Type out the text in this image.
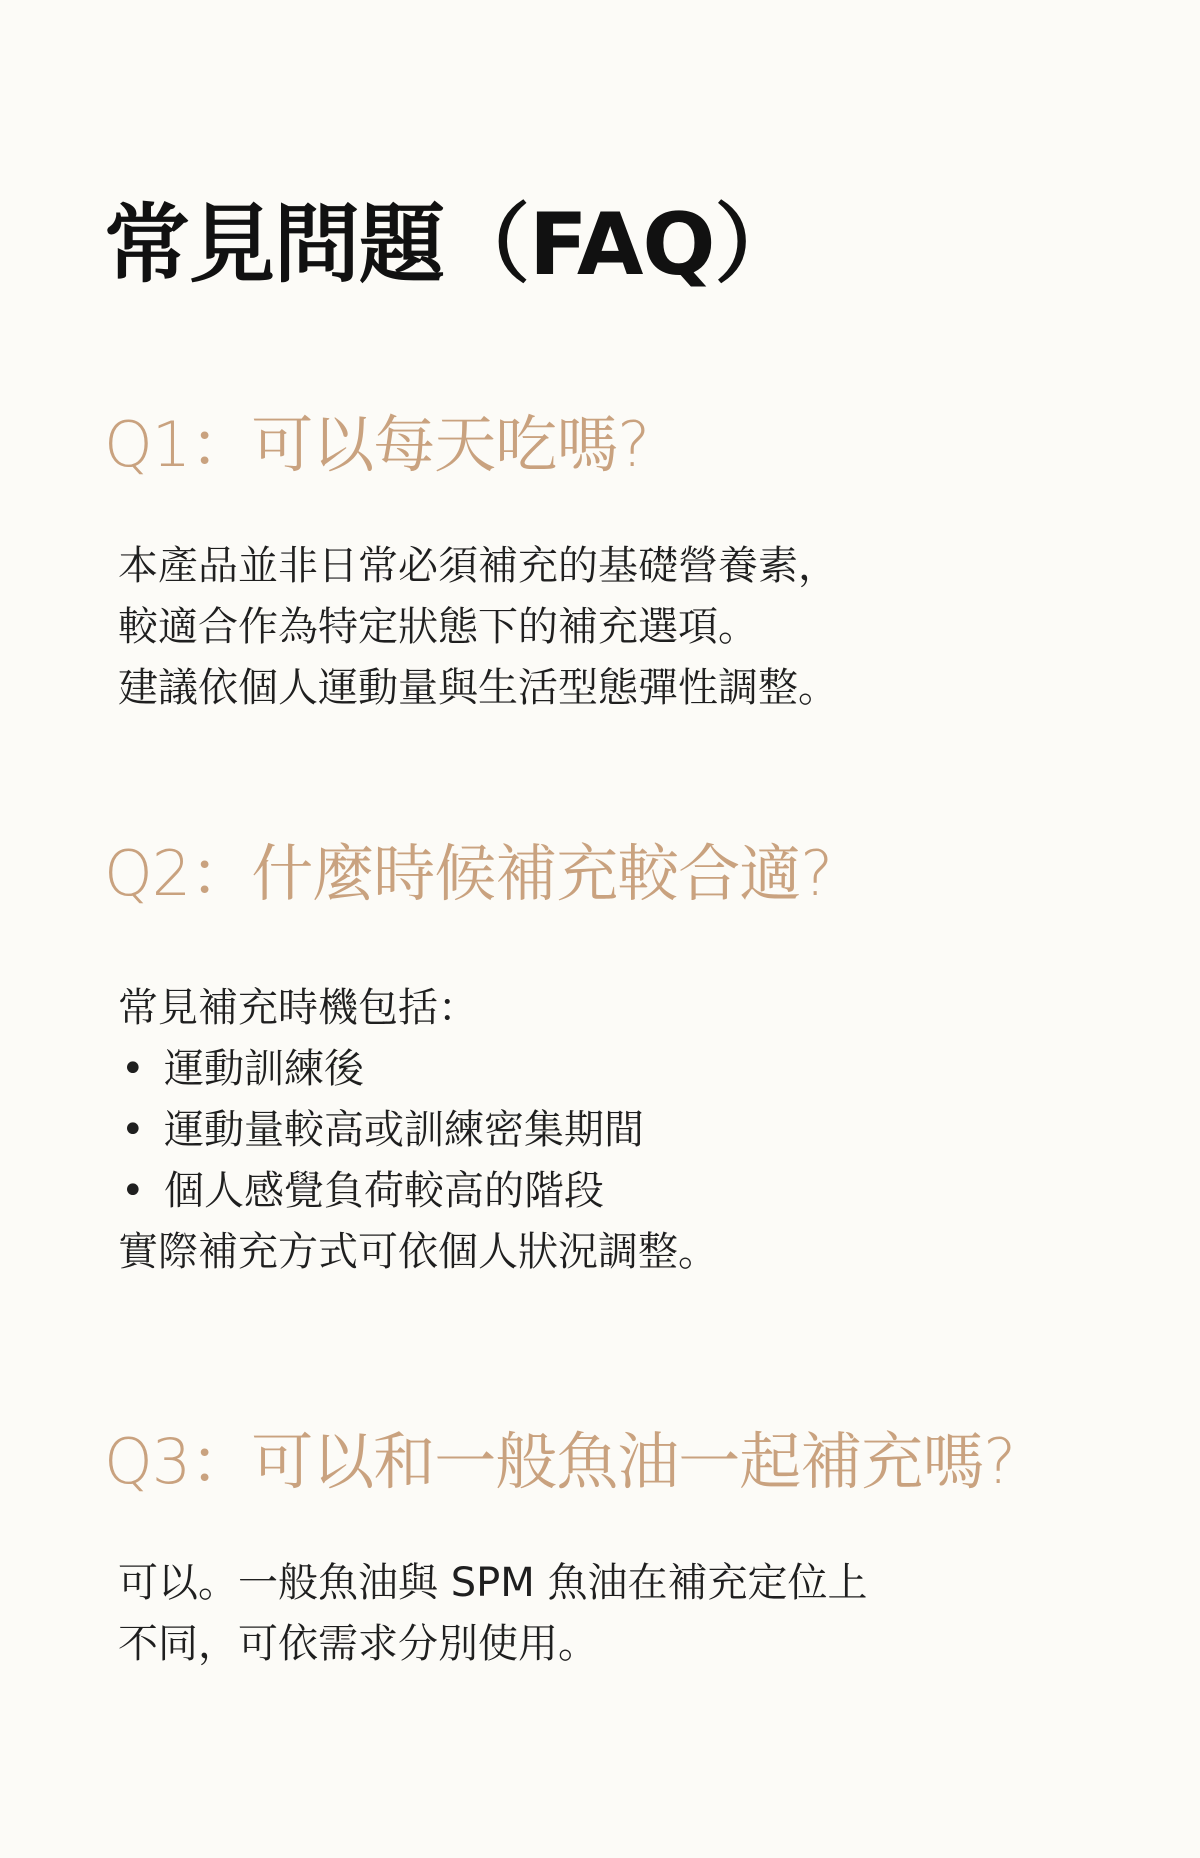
常見問題（FAQ）
Q1：可以每天吃嗎?
本產品並非日常必須補充的基礎營養素，
較適合作為特定狀態下的補充選項。
建議依個人運動量與生活型態彈性調整。
Q2：什麼時候補充較合適?
常見補充時機包括：
• 運動訓練後
• 運動量較高或訓練密集期間
• 個人感覺負荷較高的階段
實際補充方式可依個人狀況調整。
Q3：可以和一般魚油一起補充嗎?
可以。一般魚油與 SPM 魚油在補充定位上
不同，可依需求分別使用。
